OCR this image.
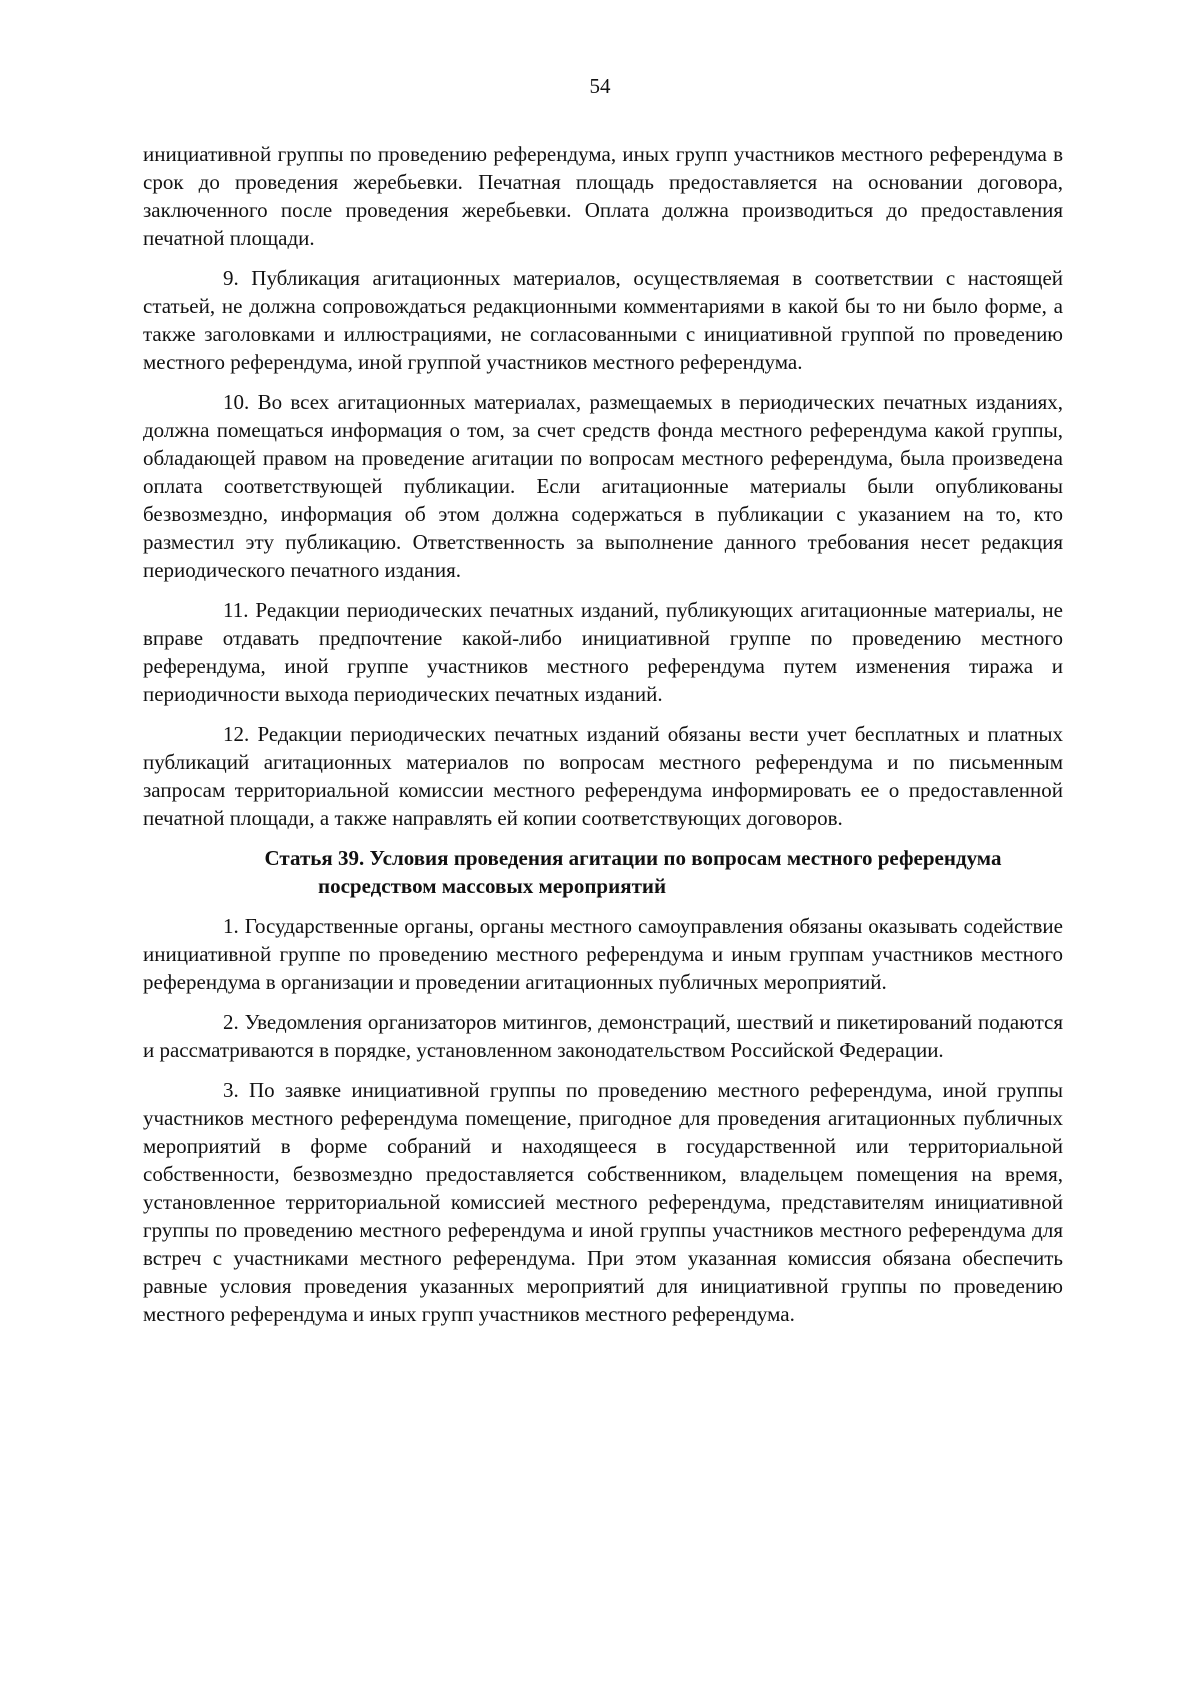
54

инициативной группы по проведению референдума, иных групп участников местного референдума в срок до проведения жеребьевки. Печатная площадь предоставляется на основании договора, заключенного после проведения жеребьевки. Оплата должна производиться до предоставления печатной площади.

9. Публикация агитационных материалов, осуществляемая в соответствии с настоящей статьей, не должна сопровождаться редакционными комментариями в какой бы то ни было форме, а также заголовками и иллюстрациями, не согласованными с инициативной группой по проведению местного референдума, иной группой участников местного референдума.

10. Во всех агитационных материалах, размещаемых в периодических печатных изданиях, должна помещаться информация о том, за счет средств фонда местного референдума какой группы, обладающей правом на проведение агитации по вопросам местного референдума, была произведена оплата соответствующей публикации. Если агитационные материалы были опубликованы безвозмездно, информация об этом должна содержаться в публикации с указанием на то, кто разместил эту публикацию. Ответственность за выполнение данного требования несет редакция периодического печатного издания.

11. Редакции периодических печатных изданий, публикующих агитационные материалы, не вправе отдавать предпочтение какой-либо инициативной группе по проведению местного референдума, иной группе участников местного референдума путем изменения тиража и периодичности выхода периодических печатных изданий.

12. Редакции периодических печатных изданий обязаны вести учет бесплатных и платных публикаций агитационных материалов по вопросам местного референдума и по письменным запросам территориальной комиссии местного референдума информировать ее о предоставленной печатной площади, а также направлять ей копии соответствующих договоров.

Статья 39. Условия проведения агитации по вопросам местного референдума
посредством массовых мероприятий

1. Государственные органы, органы местного самоуправления обязаны оказывать содействие инициативной группе по проведению местного референдума и иным группам участников местного референдума в организации и проведении агитационных публичных мероприятий.

2. Уведомления организаторов митингов, демонстраций, шествий и пикетирований подаются и рассматриваются в порядке, установленном законодательством Российской Федерации.

3. По заявке инициативной группы по проведению местного референдума, иной группы участников местного референдума помещение, пригодное для проведения агитационных публичных мероприятий в форме собраний и находящееся в государственной или территориальной собственности, безвозмездно предоставляется собственником, владельцем помещения на время, установленное территориальной комиссией местного референдума, представителям инициативной группы по проведению местного референдума и иной группы участников местного референдума для встреч с участниками местного референдума. При этом указанная комиссия обязана обеспечить равные условия проведения указанных мероприятий для инициативной группы по проведению местного референдума и иных групп участников местного референдума.
